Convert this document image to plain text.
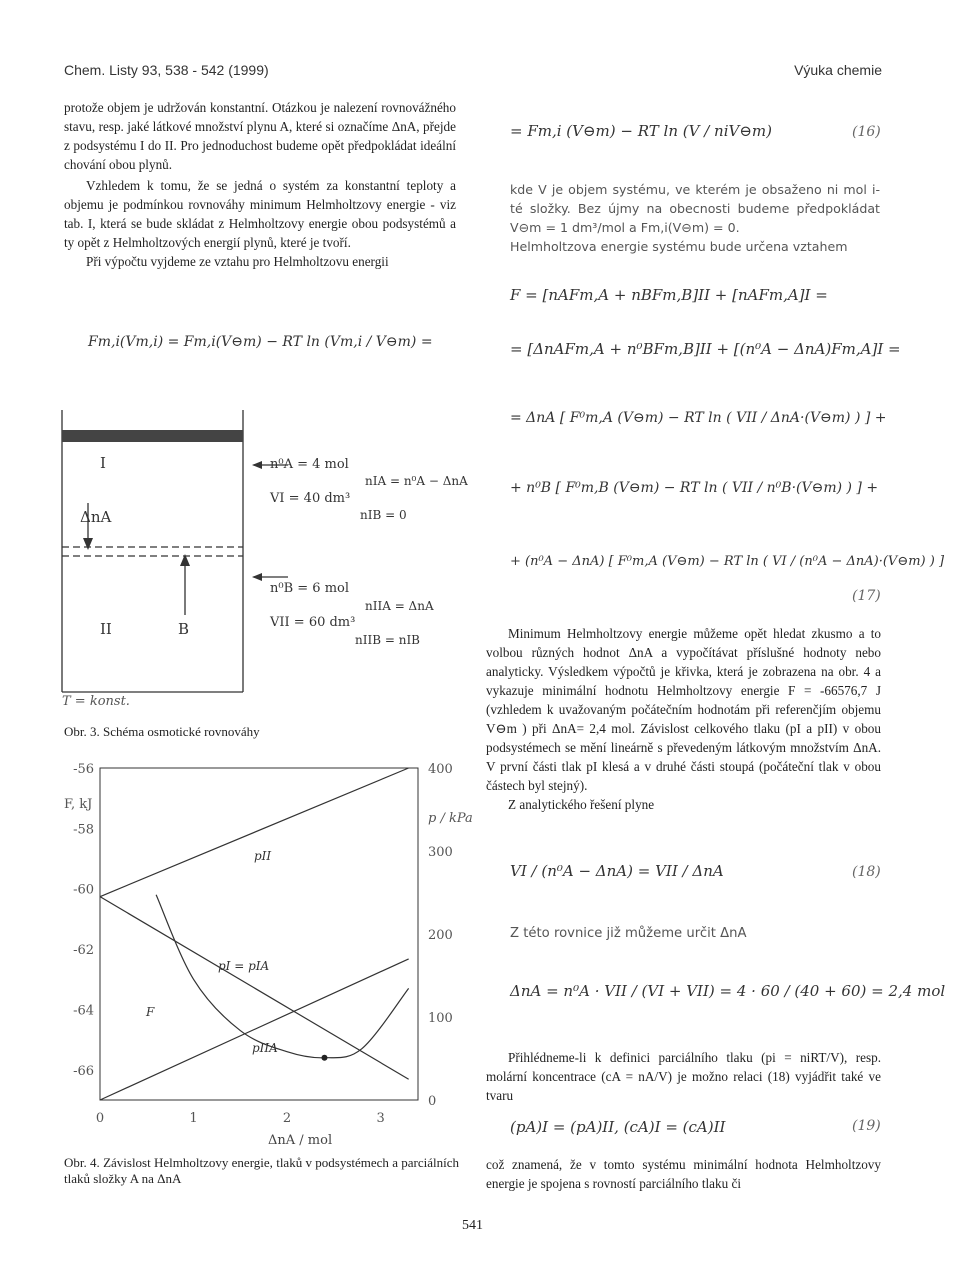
Chem. Listy 93, 538 - 542 (1999)	Výuka chemie

protože objem je udržován konstantní. Otázkou je nalezení rovnovážného stavu, resp. jaké látkové množství plynu A, které si označíme ΔnA, přejde z podsystému I do II. Pro jednoduchost budeme opět předpokládat ideální chování obou plynů.

Vzhledem k tomu, že se jedná o systém za konstantní teploty a objemu je podmínkou rovnováhy minimum Helmholtzovy energie - viz tab. I, která se bude skládat z Helmholtzovy energie obou podsystémů a ty opět z Helmholtzových energií plynů, které je tvoří.

Při výpočtu vyjdeme ze vztahu pro Helmholtzovu energii

Fm,i(Vm,i) = Fm,i(V⊖m) − RT ln (Vm,i / V⊖m) =
I
ΔnA
II	B
n⁰A = 4 mol
nIA = n⁰A − ΔnA
VI = 40 dm³
nIB = 0
n⁰B = 6 mol
nIIA = ΔnA
VII = 60 dm³
nIIB = nIB
T = konst.
Obr. 3. Schéma osmotické rovnováhy
0	1	2	3
-56
-58
-60
-62
-64
-66
400
300
200
100
0
F, kJ
p / kPa
ΔnA / mol
pII
pI = pIA
pIIA
F
Obr. 4. Závislost Helmholtzovy energie, tlaků v podsystémech a parciálních tlaků složky A na ΔnA
= Fm,i (V⊖m) − RT ln (V / niV⊖m)	(16)

kde V je objem systému, ve kterém je obsaženo ni mol i-té složky. Bez újmy na obecnosti budeme předpokládat V⊖m = 1 dm³/mol a Fm,i(V⊖m) = 0.

Helmholtzova energie systému bude určena vztahem

F = [nAFm,A + nBFm,B]II + [nAFm,A]I =
= [ΔnAFm,A + n⁰BFm,B]II + [(n⁰A − ΔnA)Fm,A]I =
= ΔnA [ F⁰m,A (V⊖m) − RT ln ( VII / ΔnA·(V⊖m) ) ] +
+ n⁰B [ F⁰m,B (V⊖m) − RT ln ( VII / n⁰B·(V⊖m) ) ] +
+ (n⁰A − ΔnA) [ F⁰m,A (V⊖m) − RT ln ( VI / (n⁰A − ΔnA)·(V⊖m) ) ]
(17)

Minimum Helmholtzovy energie můžeme opět hledat zkusmo a to volbou různých hodnot ΔnA a vypočítávat příslušné hodnoty nebo analyticky. Výsledkem výpočtů je křivka, která je zobrazena na obr. 4 a vykazuje minimální hodnotu Helmholtzovy energie F = -66576,7 J (vzhledem k uvažovaným počátečním hodnotám při referenčjím objemu V⊖m ) při ΔnA= 2,4 mol. Závislost celkového tlaku (pI a pII) v obou podsystémech se mění lineárně s převedeným látkovým množstvím ΔnA. V první části tlak pI klesá a v druhé části stoupá (počáteční tlak v obou částech byl stejný).

Z analytického řešení plyne

VI / (n⁰A − ΔnA) = VII / ΔnA	(18)
Z této rovnice již můžeme určit ΔnA
ΔnA = n⁰A · VII / (VI + VII) = 4 · 60 / (40 + 60) = 2,4 mol

Přihlédneme-li k definici parciálního tlaku (pi = niRT/V), resp. molární koncentrace (cA = nA/V) je možno relaci (18) vyjádřit také ve tvaru

(pA)I = (pA)II, (cA)I = (cA)II	(19)
což znamená, že v tomto systému minimální hodnota Helmholtzovy energie je spojena s rovností parciálního tlaku či
541
